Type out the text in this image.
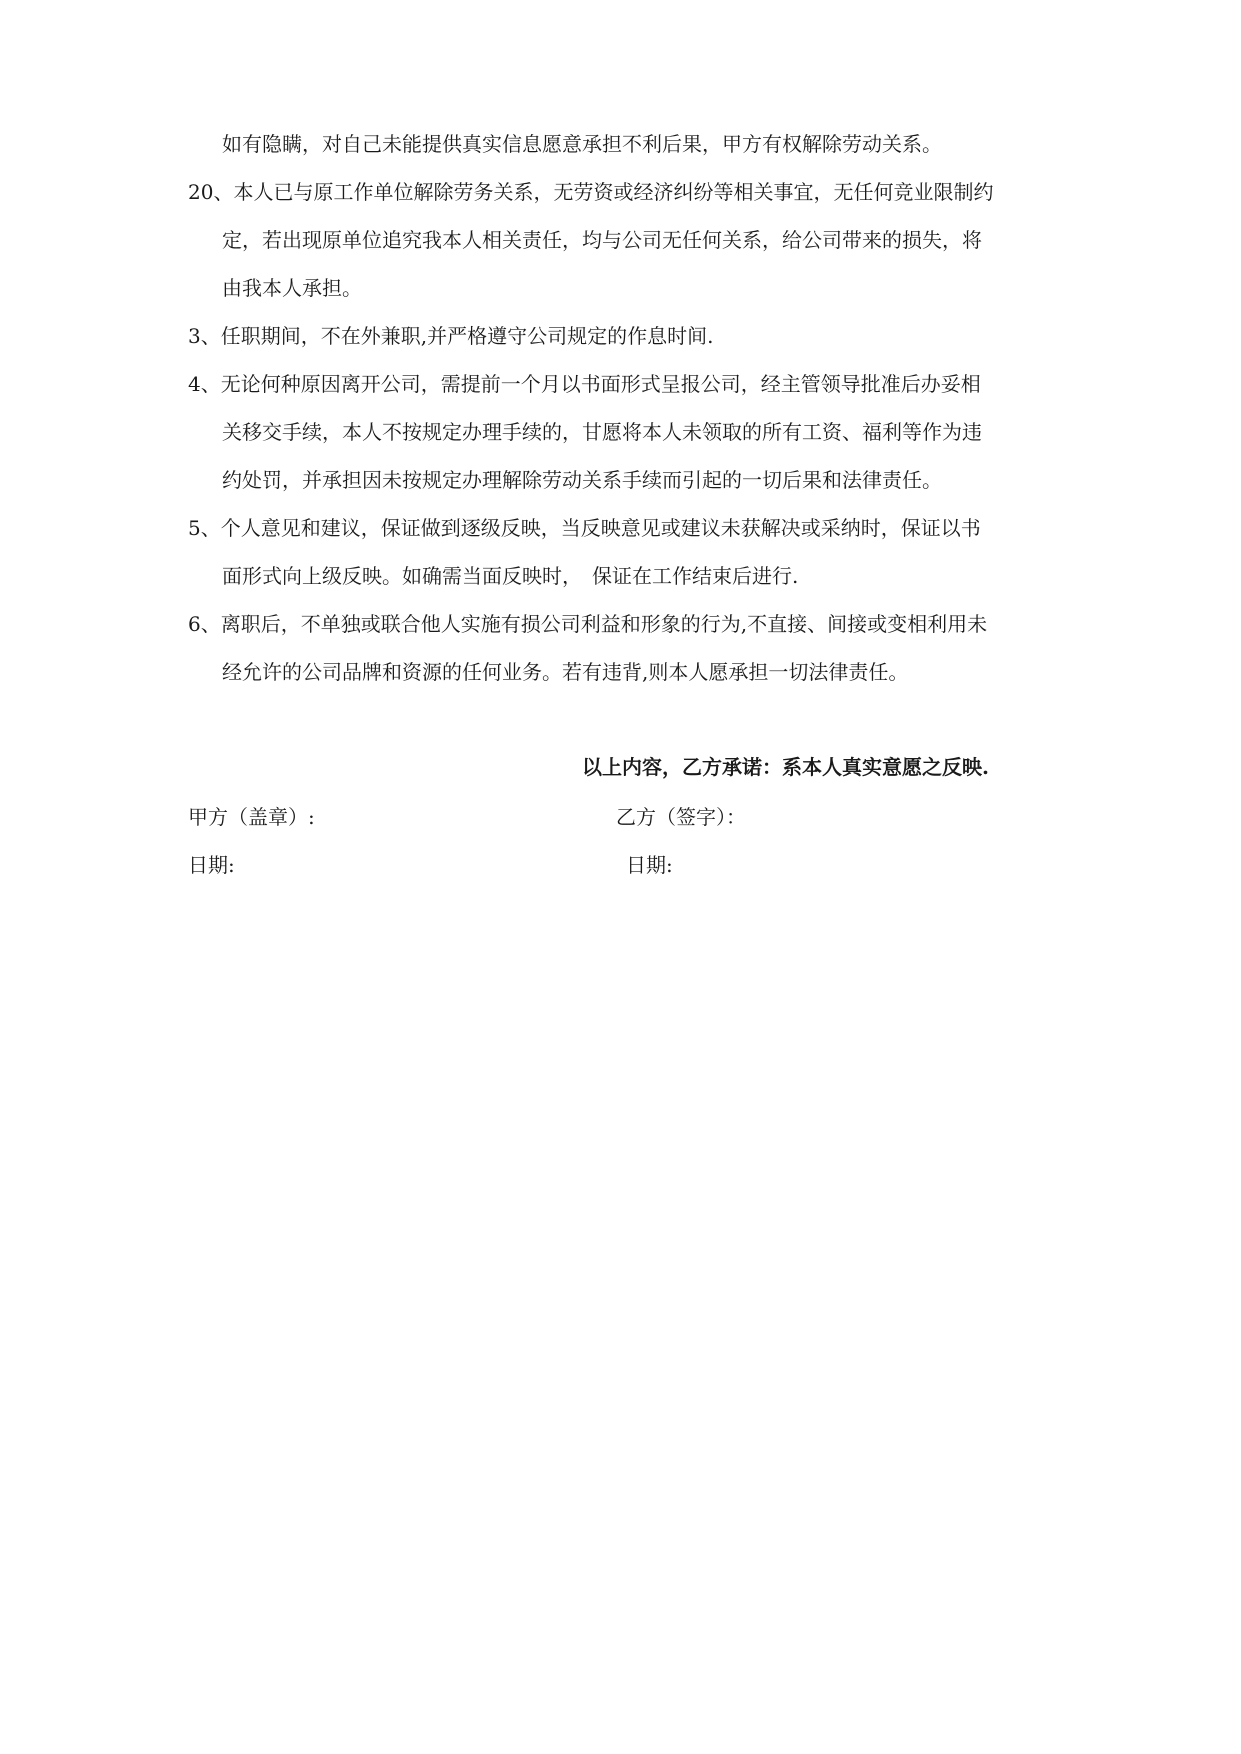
如有隐瞒，对自己未能提供真实信息愿意承担不利后果，甲方有权解除劳动关系。
20、本人已与原工作单位解除劳务关系，无劳资或经济纠纷等相关事宜，无任何竞业限制约
定，若出现原单位追究我本人相关责任，均与公司无任何关系，给公司带来的损失，将
由我本人承担。
3、任职期间，不在外兼职,并严格遵守公司规定的作息时间.
4、无论何种原因离开公司，需提前一个月以书面形式呈报公司，经主管领导批准后办妥相
关移交手续，本人不按规定办理手续的，甘愿将本人未领取的所有工资、福利等作为违
约处罚，并承担因未按规定办理解除劳动关系手续而引起的一切后果和法律责任。
5、个人意见和建议，保证做到逐级反映，当反映意见或建议未获解决或采纳时，保证以书
面形式向上级反映。如确需当面反映时，　保证在工作结束后进行.
6、离职后，不单独或联合他人实施有损公司利益和形象的行为,不直接、间接或变相利用未
经允许的公司品牌和资源的任何业务。若有违背,则本人愿承担一切法律责任。
以上内容，乙方承诺：系本人真实意愿之反映.
甲方（盖章）:	乙方（签字）：
日期:	日期:
